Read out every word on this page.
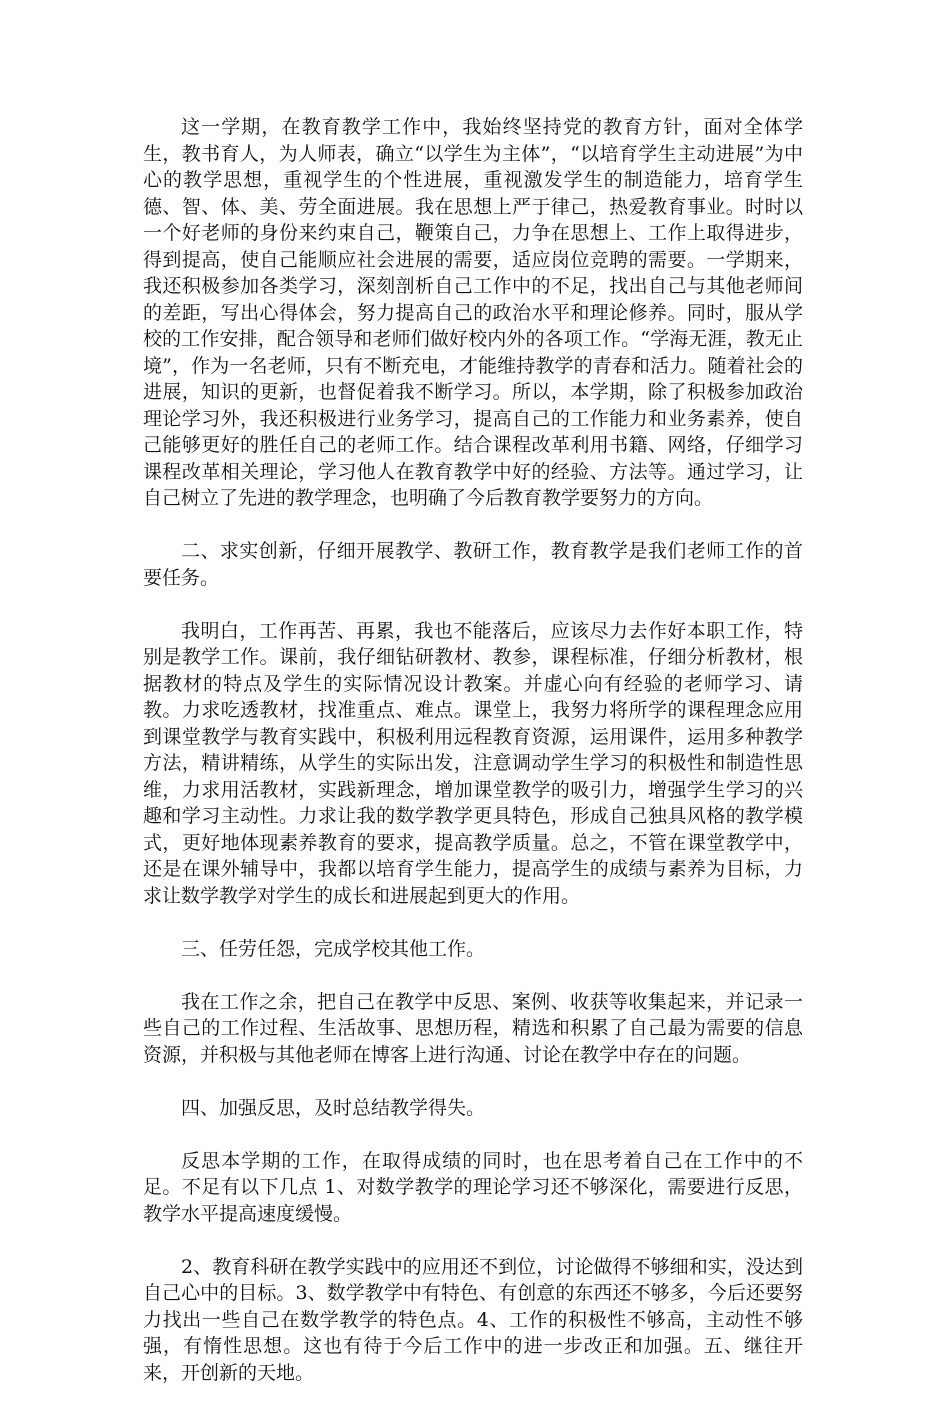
这一学期，在教育教学工作中，我始终坚持党的教育方针，面对全体学生，教书育人，为人师表，确立“以学生为主体”，“以培育学生主动进展”为中心的教学思想，重视学生的个性进展，重视激发学生的制造能力，培育学生德、智、体、美、劳全面进展。我在思想上严于律己，热爱教育事业。时时以一个好老师的身份来约束自己，鞭策自己，力争在思想上、工作上取得进步，得到提高，使自己能顺应社会进展的需要，适应岗位竞聘的需要。一学期来，我还积极参加各类学习，深刻剖析自己工作中的不足，找出自己与其他老师间的差距，写出心得体会，努力提高自己的政治水平和理论修养。同时，服从学校的工作安排，配合领导和老师们做好校内外的各项工作。“学海无涯，教无止境”，作为一名老师，只有不断充电，才能维持教学的青春和活力。随着社会的进展，知识的更新，也督促着我不断学习。所以，本学期，除了积极参加政治理论学习外，我还积极进行业务学习，提高自己的工作能力和业务素养，使自己能够更好的胜任自己的老师工作。结合课程改革利用书籍、网络，仔细学习课程改革相关理论，学习他人在教育教学中好的经验、方法等。通过学习，让自己树立了先进的教学理念，也明确了今后教育教学要努力的方向。

二、求实创新，仔细开展教学、教研工作，教育教学是我们老师工作的首要任务。

我明白，工作再苦、再累，我也不能落后，应该尽力去作好本职工作，特别是教学工作。课前，我仔细钻研教材、教参，课程标准，仔细分析教材，根据教材的特点及学生的实际情况设计教案。并虚心向有经验的老师学习、请教。力求吃透教材，找准重点、难点。课堂上，我努力将所学的课程理念应用到课堂教学与教育实践中，积极利用远程教育资源，运用课件，运用多种教学方法，精讲精练，从学生的实际出发，注意调动学生学习的积极性和制造性思维，力求用活教材，实践新理念，增加课堂教学的吸引力，增强学生学习的兴趣和学习主动性。力求让我的数学教学更具特色，形成自己独具风格的教学模式，更好地体现素养教育的要求，提高教学质量。总之，不管在课堂教学中，还是在课外辅导中，我都以培育学生能力，提高学生的成绩与素养为目标，力求让数学教学对学生的成长和进展起到更大的作用。

三、任劳任怨，完成学校其他工作。

我在工作之余，把自己在教学中反思、案例、收获等收集起来，并记录一些自己的工作过程、生活故事、思想历程，精选和积累了自己最为需要的信息资源，并积极与其他老师在博客上进行沟通、讨论在教学中存在的问题。

四、加强反思，及时总结教学得失。

反思本学期的工作，在取得成绩的同时，也在思考着自己在工作中的不足。不足有以下几点 1、对数学教学的理论学习还不够深化，需要进行反思，教学水平提高速度缓慢。

2、教育科研在教学实践中的应用还不到位，讨论做得不够细和实，没达到自己心中的目标。3、数学教学中有特色、有创意的东西还不够多，今后还要努力找出一些自己在数学教学的特色点。4、工作的积极性不够高，主动性不够强，有惰性思想。这也有待于今后工作中的进一步改正和加强。五、继往开来，开创新的天地。
